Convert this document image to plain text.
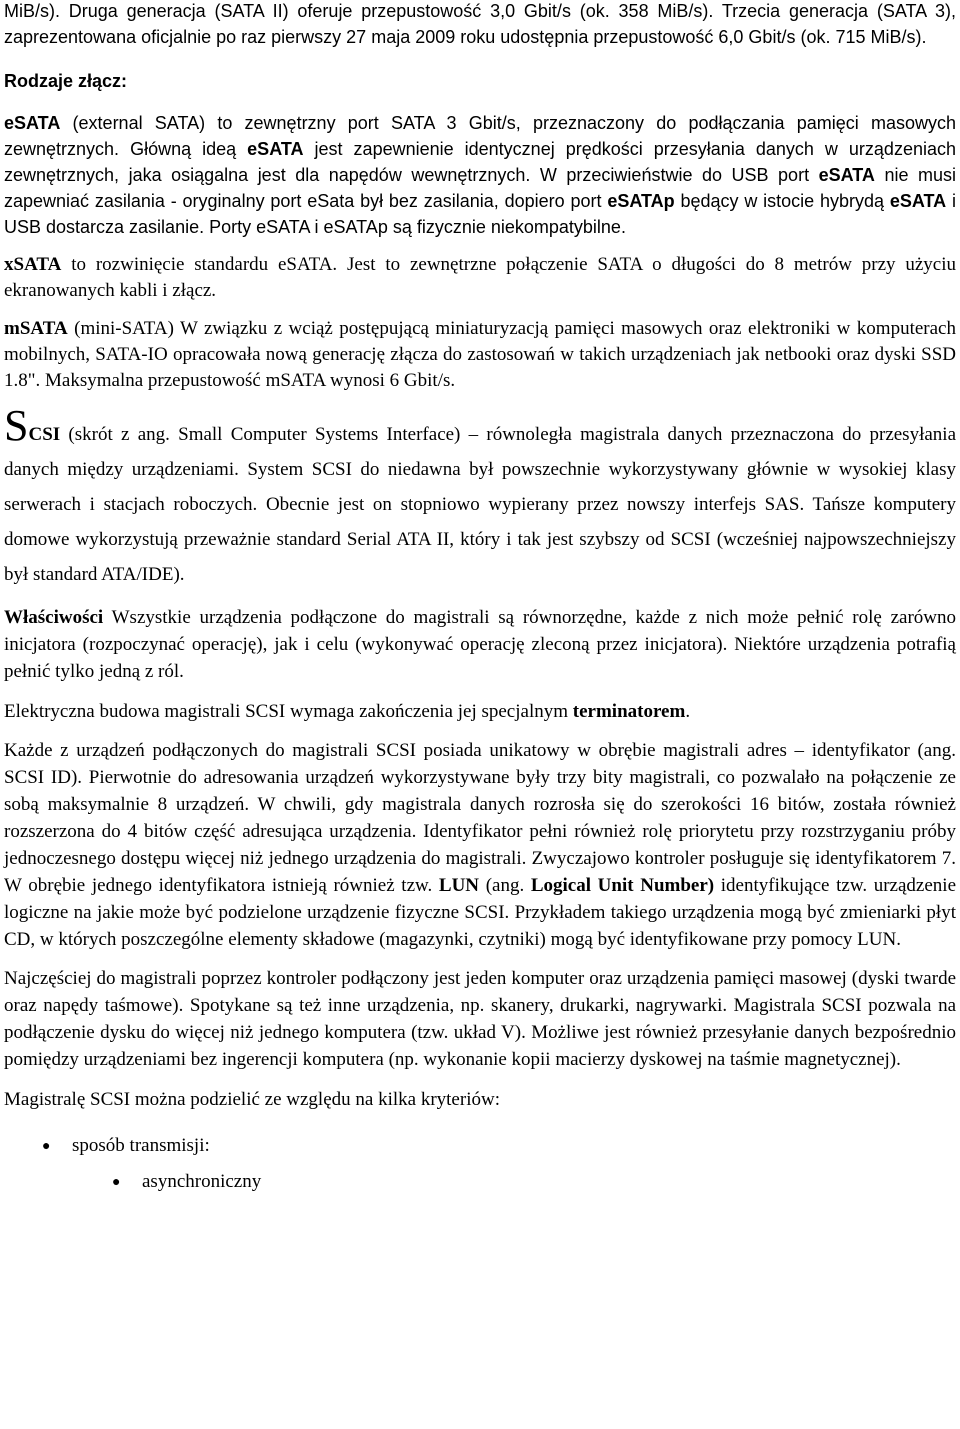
MiB/s). Druga generacja (SATA II) oferuje przepustowość 3,0 Gbit/s (ok. 358 MiB/s). Trzecia generacja (SATA 3), zaprezentowana oficjalnie po raz pierwszy 27 maja 2009 roku udostępnia przepustowość 6,0 Gbit/s (ok. 715 MiB/s).

Rodzaje złącz:

eSATA (external SATA) to zewnętrzny port SATA 3 Gbit/s, przeznaczony do podłączania pamięci masowych zewnętrznych. Główną ideą eSATA jest zapewnienie identycznej prędkości przesyłania danych w urządzeniach zewnętrznych, jaka osiągalna jest dla napędów wewnętrznych. W przeciwieństwie do USB port eSATA nie musi zapewniać zasilania - oryginalny port eSata był bez zasilania, dopiero port eSATAp będący w istocie hybrydą eSATA i USB dostarcza zasilanie. Porty eSATA i eSATAp są fizycznie niekompatybilne.

xSATA to rozwinięcie standardu eSATA. Jest to zewnętrzne połączenie SATA o długości do 8 metrów przy użyciu ekranowanych kabli i złącz.

mSATA (mini-SATA) W związku z wciąż postępującą miniaturyzacją pamięci masowych oraz elektroniki w komputerach mobilnych, SATA-IO opracowała nową generację złącza do zastosowań w takich urządzeniach jak netbooki oraz dyski SSD 1.8". Maksymalna przepustowość mSATA wynosi 6 Gbit/s.

SCSI (skrót z ang. Small Computer Systems Interface) – równoległa magistrala danych przeznaczona do przesyłania danych między urządzeniami. System SCSI do niedawna był powszechnie wykorzystywany głównie w wysokiej klasy serwerach i stacjach roboczych. Obecnie jest on stopniowo wypierany przez nowszy interfejs SAS. Tańsze komputery domowe wykorzystują przeważnie standard Serial ATA II, który i tak jest szybszy od SCSI (wcześniej najpowszechniejszy był standard ATA/IDE).

Właściwości Wszystkie urządzenia podłączone do magistrali są równorzędne, każde z nich może pełnić rolę zarówno inicjatora (rozpoczynać operację), jak i celu (wykonywać operację zleconą przez inicjatora). Niektóre urządzenia potrafią pełnić tylko jedną z ról.

Elektryczna budowa magistrali SCSI wymaga zakończenia jej specjalnym terminatorem.

Każde z urządzeń podłączonych do magistrali SCSI posiada unikatowy w obrębie magistrali adres – identyfikator (ang. SCSI ID). Pierwotnie do adresowania urządzeń wykorzystywane były trzy bity magistrali, co pozwalało na połączenie ze sobą maksymalnie 8 urządzeń. W chwili, gdy magistrala danych rozrosła się do szerokości 16 bitów, została również rozszerzona do 4 bitów część adresująca urządzenia. Identyfikator pełni również rolę priorytetu przy rozstrzyganiu próby jednoczesnego dostępu więcej niż jednego urządzenia do magistrali. Zwyczajowo kontroler posługuje się identyfikatorem 7. W obrębie jednego identyfikatora istnieją również tzw. LUN (ang. Logical Unit Number) identyfikujące tzw. urządzenie logiczne na jakie może być podzielone urządzenie fizyczne SCSI. Przykładem takiego urządzenia mogą być zmieniarki płyt CD, w których poszczególne elementy składowe (magazynki, czytniki) mogą być identyfikowane przy pomocy LUN.

Najczęściej do magistrali poprzez kontroler podłączony jest jeden komputer oraz urządzenia pamięci masowej (dyski twarde oraz napędy taśmowe). Spotykane są też inne urządzenia, np. skanery, drukarki, nagrywarki. Magistrala SCSI pozwala na podłączenie dysku do więcej niż jednego komputera (tzw. układ V). Możliwe jest również przesyłanie danych bezpośrednio pomiędzy urządzeniami bez ingerencji komputera (np. wykonanie kopii macierzy dyskowej na taśmie magnetycznej).

Magistralę SCSI można podzielić ze względu na kilka kryteriów:

● sposób transmisji:
● asynchroniczny
